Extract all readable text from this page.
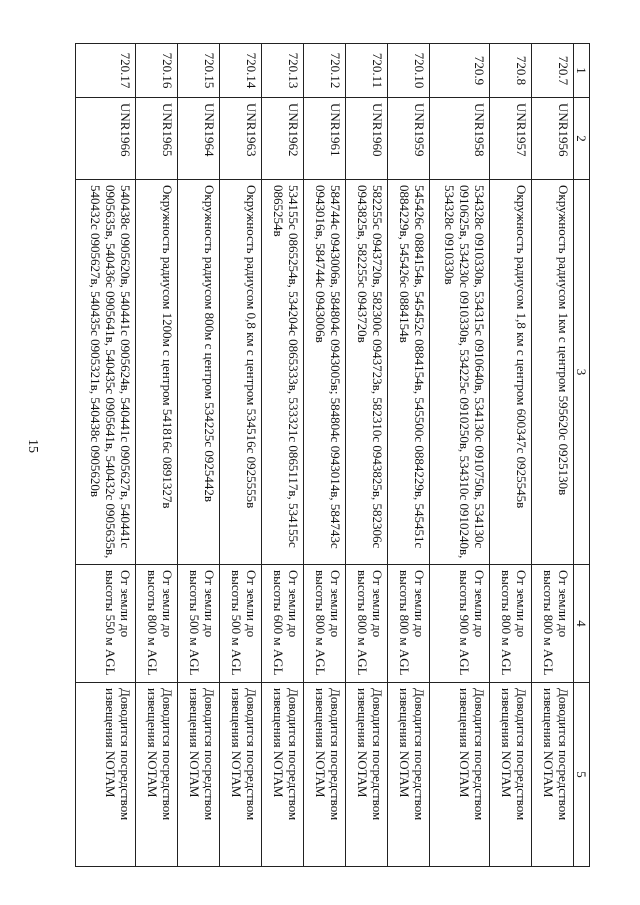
15
1	2	3	4	5
720.7	UNR1956	Окружность радиусом 1км с центром 595620с 0925130в	От земли до высоты 800 м AGL	Доводится посредством извещения NOTAM
720.8	UNR1957	Окружность радиусом 1,8 км с центром 600347с 0925545в	От земли до высоты 800 м AGL	Доводится посредством извещения NOTAM
720.9	UNR1958	534328с 0910330в, 534315с 0910640в, 534130с 0910750в, 534130с 0910625в, 534230с 0910330в, 534225с 0910250в, 534310с 0910240в, 534328с 0910330в	От земли до высоты 900 м AGL	Доводится посредством извещения NOTAM
720.10	UNR1959	545426с 0884154в, 545452с 0884154в, 545500с 0884229в, 545451с 0884229в, 545426с 0884154в	От земли до высоты 800 м AGL	Доводится посредством извещения NOTAM
720.11	UNR1960	582255с 0943720в, 582300с 0943723в, 582310с 0943825в, 582306с 0943825в, 582255с 0943720в	От земли до высоты 800 м AGL	Доводится посредством извещения NOTAM
720.12	UNR1961	584744с 0943006в, 584804с 0943005в; 584804с 0943014в, 584743с 0943016в, 584744с 0943006в	От земли до высоты 800 м AGL	Доводится посредством извещения NOTAM
720.13	UNR1962	534155с 0865254в, 534204с 0865333в, 533321с 0865117в, 534155с 0865254в	От земли до высоты 600 м AGL	Доводится посредством извещения NOTAM
720.14	UNR1963	Окружность радиусом 0,8 км с центром 534516с 0925555в	От земли до высоты 500 м AGL	Доводится посредством извещения NOTAM
720.15	UNR1964	Окружность радиусом 800м с центром 534225с 0925442в	От земли до высоты 500 м AGL	Доводится посредством извещения NOTAM
720.16	UNR1965	Окружность радиусом 1200м с центром 541816с 0891327в	От земли до высоты 800 м AGL	Доводится посредством извещения NOTAM
720.17	UNR1966	540438с 0905620в, 540441с 0905624в, 540441с 0905627в, 540441с 0905635в, 540436с 0905641в, 540435с 0905641в, 540432с 0905635в, 540432с 0905627в, 540435с 0905321в, 540438с 0905620в	От земли до высоты 550 м AGL	Доводится посредством извещения NOTAM
